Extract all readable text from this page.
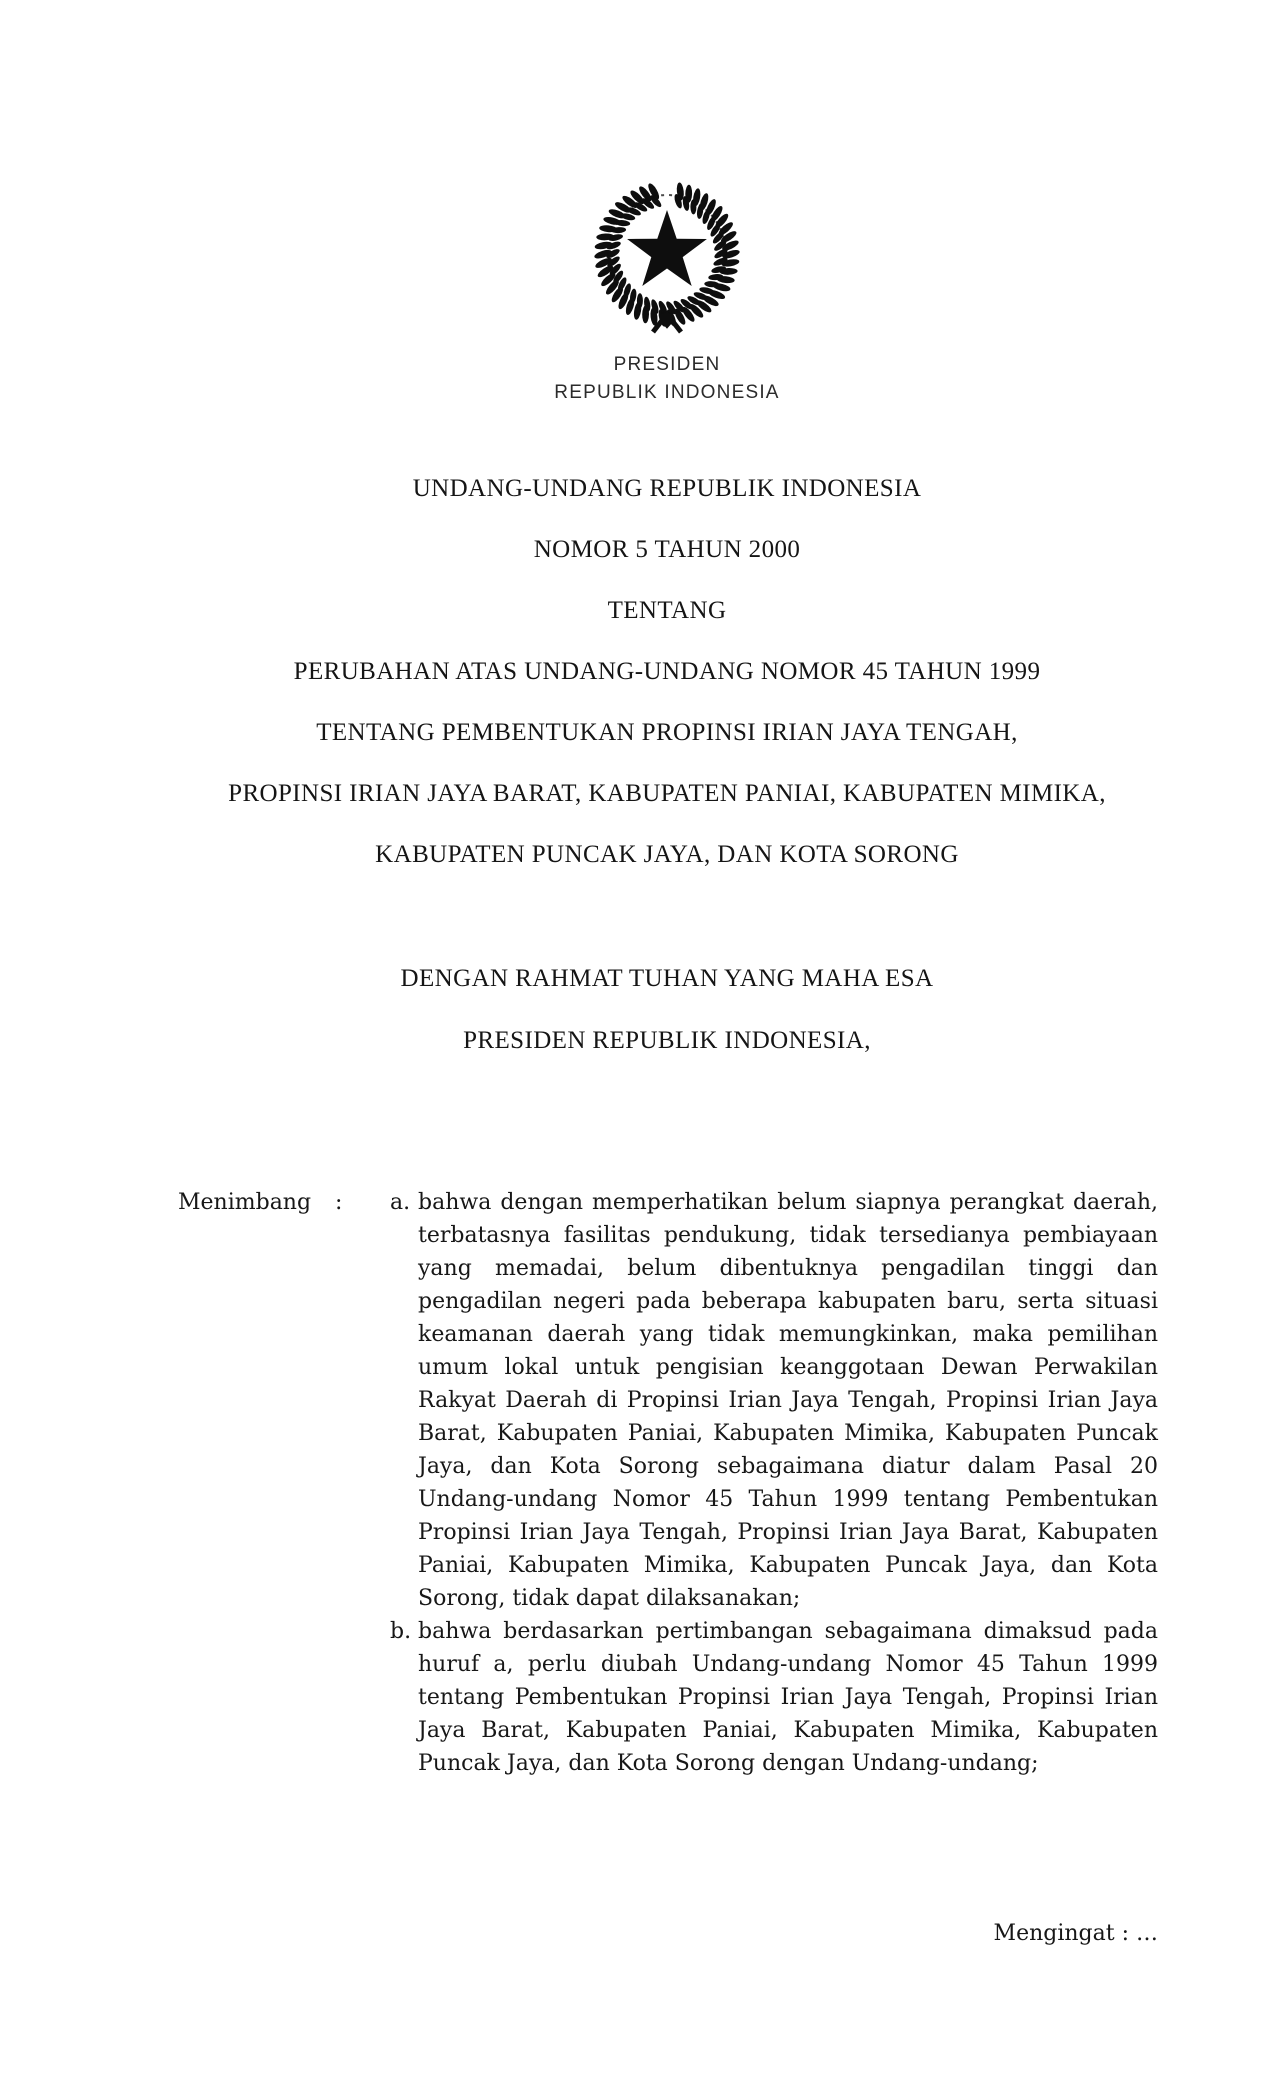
PRESIDEN
REPUBLIK INDONESIA
UNDANG-UNDANG REPUBLIK INDONESIA
NOMOR 5 TAHUN 2000
TENTANG
PERUBAHAN ATAS UNDANG-UNDANG NOMOR 45 TAHUN 1999
TENTANG PEMBENTUKAN PROPINSI IRIAN JAYA TENGAH,
PROPINSI IRIAN JAYA BARAT, KABUPATEN PANIAI, KABUPATEN MIMIKA,
KABUPATEN PUNCAK JAYA, DAN KOTA SORONG
DENGAN RAHMAT TUHAN YANG MAHA ESA
PRESIDEN REPUBLIK INDONESIA,
Menimbang	:	a. bahwa dengan memperhatikan belum siapnya perangkat daerah, terbatasnya fasilitas pendukung, tidak tersedianya pembiayaan yang memadai, belum dibentuknya pengadilan tinggi dan pengadilan negeri pada beberapa kabupaten baru, serta situasi keamanan daerah yang tidak memungkinkan, maka pemilihan umum lokal untuk pengisian keanggotaan Dewan Perwakilan Rakyat Daerah di Propinsi Irian Jaya Tengah, Propinsi Irian Jaya Barat, Kabupaten Paniai, Kabupaten Mimika, Kabupaten Puncak Jaya, dan Kota Sorong sebagaimana diatur dalam Pasal 20 Undang-undang Nomor 45 Tahun 1999 tentang Pembentukan Propinsi Irian Jaya Tengah, Propinsi Irian Jaya Barat, Kabupaten Paniai, Kabupaten Mimika, Kabupaten Puncak Jaya, dan Kota Sorong, tidak dapat dilaksanakan;
b. bahwa berdasarkan pertimbangan sebagaimana dimaksud pada huruf a, perlu diubah Undang-undang Nomor 45 Tahun 1999 tentang Pembentukan Propinsi Irian Jaya Tengah, Propinsi Irian Jaya Barat, Kabupaten Paniai, Kabupaten Mimika, Kabupaten Puncak Jaya, dan Kota Sorong dengan Undang-undang;
Mengingat : …
